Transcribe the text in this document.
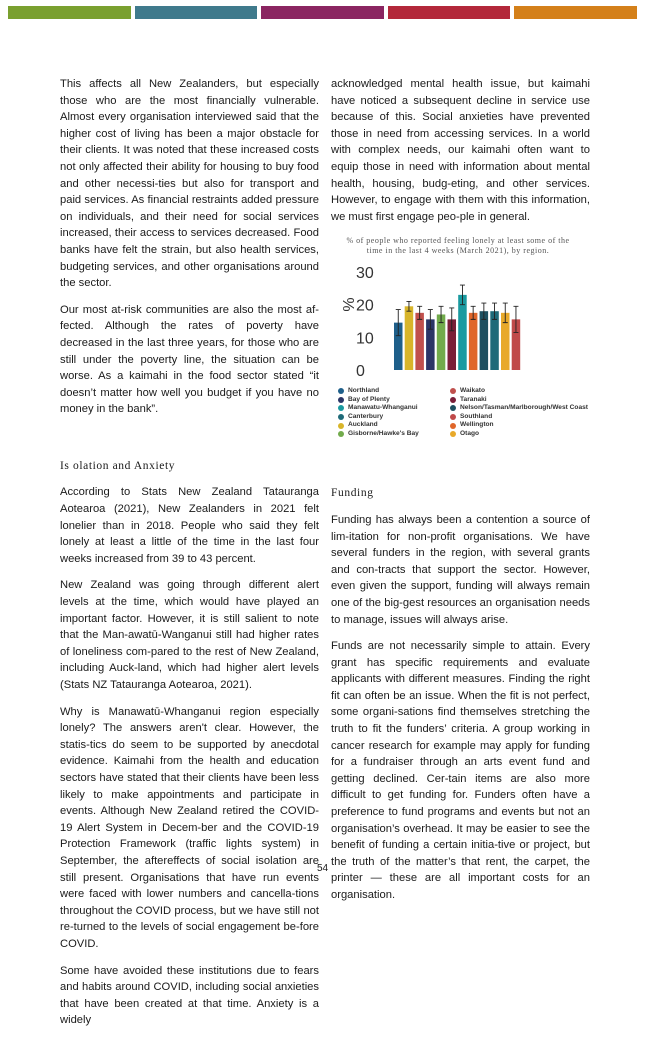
This affects all New Zealanders, but especially those who are the most financially vulnerable. Almost every organisation interviewed said that the higher cost of living has been a major obstacle for their clients. It was noted that these increased costs not only affected their ability for housing to buy food and other necessi-ties but also for transport and paid services. As financial restraints added pressure on individuals, and their need for social services increased, their access to services decreased. Food banks have felt the strain, but also health services, budgeting services, and other organisations around the sector.

Our most at-risk communities are also the most af-fected. Although the rates of poverty have decreased in the last three years, for those who are still under the poverty line, the situation can be worse. As a kaimahi in the food sector stated “it doesn’t matter how well you budget if you have no money in the bank”.

Is olation and Anxiety

According to Stats New Zealand Tatauranga Aotearoa (2021), New Zealanders in 2021 felt lonelier than in 2018. People who said they felt lonely at least a little of the time in the last four weeks increased from 39 to 43 percent.

New Zealand was going through different alert levels at the time, which would have played an important factor. However, it is still salient to note that the Man-awatū-Wanganui still had higher rates of loneliness com-pared to the rest of New Zealand, including Auck-land, which had higher alert levels (Stats NZ Tatauranga Aotearoa, 2021).

Why is Manawatū-Whanganui region especially lonely? The answers aren't clear. However, the statis-tics do seem to be supported by anecdotal evidence. Kaimahi from the health and education sectors have stated that their clients have been less likely to make appointments and participate in events. Although New Zealand retired the COVID-19 Alert System in Decem-ber and the COVID-19 Protection Framework (traffic lights system) in September, the aftereffects of social isolation are still present. Organisations that have run events were faced with lower numbers and cancella-tions throughout the COVID process, but we have still not re-turned to the levels of social engagement be-fore COVID.

Some have avoided these institutions due to fears and habits around COVID, including social anxieties that have been created at that time. Anxiety is a widely

acknowledged mental health issue, but kaimahi have noticed a subsequent decline in service use because of this. Social anxieties have prevented those in need from accessing services. In a world with complex needs, our kaimahi often want to equip those in need with information about mental health, housing, budg-eting, and other services. However, to engage with them with this information, we must first engage peo-ple in general.

Funding

Funding has always been a contention a source of lim-itation for non-profit organisations. We have several funders in the region, with several grants and con-tracts that support the sector. However, even given the support, funding will always remain one of the big-gest resources an organisation needs to manage, issues will always arise.

Funds are not necessarily simple to attain. Every grant has specific requirements and evaluate applicants with different measures. Finding the right fit can often be an issue. When the fit is not perfect, some organi-sations find themselves stretching the truth to fit the funders’ criteria. A group working in cancer research for example may apply for funding for a fundraiser through an arts event fund and getting declined. Cer-tain items are also more difficult to get funding for. Funders often have a preference to fund programs and events but not an organisation’s overhead. It may be easier to see the benefit of funding a certain initia-tive or project, but the truth of the matter’s that rent, the carpet, the printer — these are all important costs for an organisation.

% of people who reported feeling lonely at least some of the time in the last 4 weeks (March 2021), by region.
0
10
20
30
%
Northland	Waikato
Bay of Plenty	Taranaki
Manawatu-Whanganui	Nelson/Tasman/Marlborough/West Coast
Canterbury	Southland
Auckland	Wellington
Gisborne/Hawke's Bay	Otago
54
